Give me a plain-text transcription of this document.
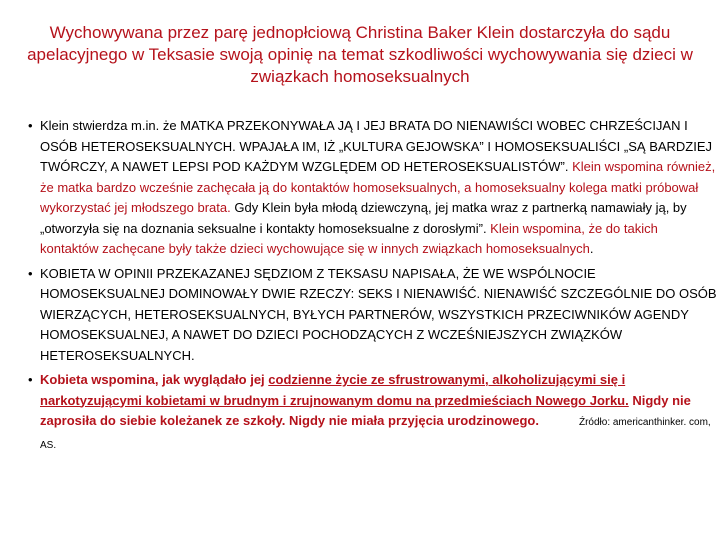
Wychowywana przez parę jednopłciową Christina Baker Klein dostarczyła do sądu apelacyjnego w Teksasie swoją opinię na temat szkodliwości wychowywania się dzieci w związkach homoseksualnych
• Klein stwierdza m.in. że MATKA PRZEKONYWAŁA JĄ I JEJ BRATA DO NIENAWIŚCI WOBEC CHRZEŚCIJAN I OSÓB HETEROSEKSUALNYCH. WPAJAŁA IM, IŻ „KULTURA GEJOWSKA” I HOMOSEKSUALIŚCI „SĄ BARDZIEJ TWÓRCZY, A NAWET LEPSI POD KAŻDYM WZGLĘDEM OD HETEROSEKSUALISTÓW”. Klein wspomina również, że matka bardzo wcześnie zachęcała ją do kontaktów homoseksualnych, a homoseksualny kolega matki próbował wykorzystać jej młodszego brata. Gdy Klein była młodą dziewczyną, jej matka wraz z partnerką namawiały ją, by „otworzyła się na doznania seksualne i kontakty homoseksualne z dorosłymi”. Klein wspomina, że do takich kontaktów zachęcane były także dzieci wychowujące się w innych związkach homoseksualnych.
• KOBIETA W OPINII PRZEKAZANEJ SĘDZIOM Z TEKSASU NAPISAŁA, ŻE WE WSPÓLNOCIE HOMOSEKSUALNEJ DOMINOWAŁY DWIE RZECZY: SEKS I NIENAWIŚĆ. NIENAWIŚĆ SZCZEGÓLNIE DO OSÓB WIERZĄCYCH, HETEROSEKSUALNYCH, BYŁYCH PARTNERÓW, WSZYSTKICH PRZECIWNIKÓW AGENDY HOMOSEKSUALNEJ, A NAWET DO DZIECI POCHODZĄCYCH Z WCZEŚNIEJSZYCH ZWIĄZKÓW HETEROSEKSUALNYCH.
• Kobieta wspomina, jak wyglądało jej codzienne życie ze sfrustrowanymi, alkoholizującymi się i narkotyzującymi kobietami w brudnym i zrujnowanym domu na przedmieściach Nowego Jorku. Nigdy nie zaprosiła do siebie koleżanek ze szkoły. Nigdy nie miała przyjęcia urodzinowego.	Źródło: americanthinker. com, AS.
